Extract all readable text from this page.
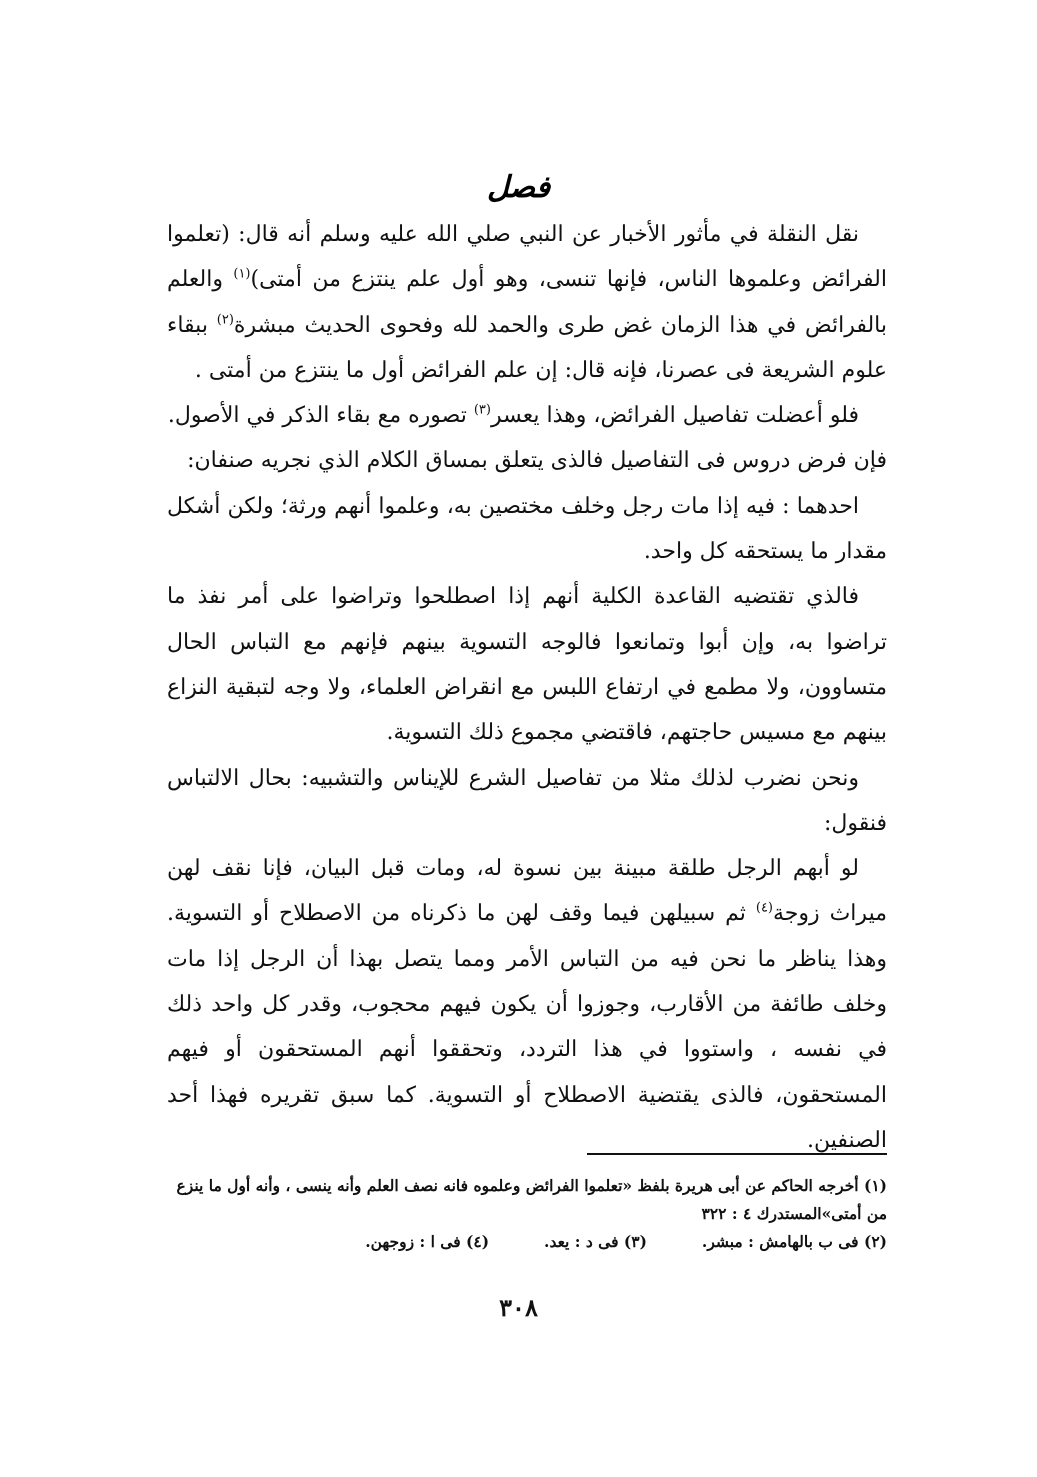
فصل

نقل النقلة في مأثور الأخبار عن النبي صلي الله عليه وسلم أنه قال: (تعلموا الفرائض وعلموها الناس، فإنها تنسى، وهو أول علم ينتزع من أمتى)$^{(١)}$ والعلم بالفرائض في هذا الزمان غض طرى والحمد لله وفحوى الحديث مبشرة$^{(٢)}$ ببقاء علوم الشريعة فى عصرنا، فإنه قال: إن علم الفرائض أول ما ينتزع من أمتى .

فلو أعضلت تفاصيل الفرائض، وهذا يعسر$^{(٣)}$ تصوره مع بقاء الذكر في الأصول.

فإن فرض دروس فى التفاصيل فالذى يتعلق بمساق الكلام الذي نجريه صنفان:

احدهما : فيه إذا مات رجل وخلف مختصين به، وعلموا أنهم ورثة؛ ولكن أشكل مقدار ما يستحقه كل واحد.

فالذي تقتضيه القاعدة الكلية أنهم إذا اصطلحوا وتراضوا على أمر نفذ ما تراضوا به، وإن أبوا وتمانعوا فالوجه التسوية بينهم فإنهم مع التباس الحال متساوون، ولا مطمع في ارتفاع اللبس مع انقراض العلماء، ولا وجه لتبقية النزاع بينهم مع مسيس حاجتهم، فاقتضي مجموع ذلك التسوية.

ونحن نضرب لذلك مثلا من تفاصيل الشرع للإيناس والتشبيه: بحال الالتباس فنقول:

لو أبهم الرجل طلقة مبينة بين نسوة له، ومات قبل البيان، فإنا نقف لهن ميراث زوجة$^{(٤)}$ ثم سبيلهن فيما وقف لهن ما ذكرناه من الاصطلاح أو التسوية. وهذا يناظر ما نحن فيه من التباس الأمر ومما يتصل بهذا أن الرجل إذا مات وخلف طائفة من الأقارب، وجوزوا أن يكون فيهم محجوب، وقدر كل واحد ذلك في نفسه ، واستووا في هذا التردد، وتحققوا أنهم المستحقون أو فيهم المستحقون، فالذى يقتضية الاصطلاح أو التسوية. كما سبق تقريره فهذا أحد الصنفين.

(١) أخرجه الحاكم عن أبى هريرة بلفظ «تعلموا الفرائض وعلموه فانه نصف العلم وأنه ينسى ، وأنه أول ما ينزع من أمتى»المستدرك ٤ : ٣٢٢

(٢) فى ب بالهامش : مبشر.
(٣) فى د : يعد.
(٤) فى ا : زوجهن.
٣٠٨
